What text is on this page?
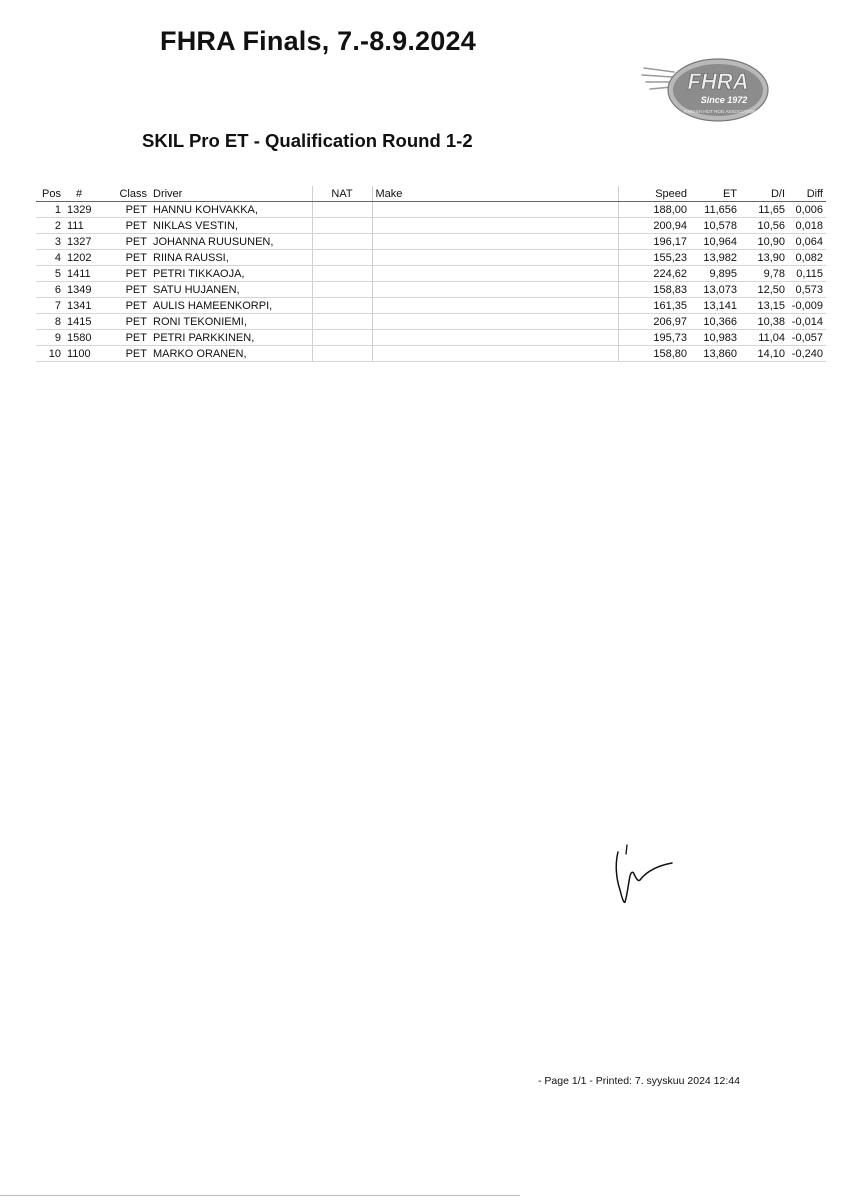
FHRA Finals, 7.-8.9.2024
FHRA
Since 1972
FINNISH HOT ROD ASSOCIATION
SKIL Pro ET - Qualification Round 1-2
Pos	#	Class	Driver	NAT	Make	Speed	ET	D/I	Diff
1	1329	PET	HANNU KOHVAKKA,			188,00	11,656	11,65	0,006
2	111	PET	NIKLAS VESTIN,			200,94	10,578	10,56	0,018
3	1327	PET	JOHANNA RUUSUNEN,			196,17	10,964	10,90	0,064
4	1202	PET	RIINA RAUSSI,			155,23	13,982	13,90	0,082
5	1411	PET	PETRI TIKKAOJA,			224,62	9,895	9,78	0,115
6	1349	PET	SATU HUJANEN,			158,83	13,073	12,50	0,573
7	1341	PET	AULIS HAMEENKORPI,			161,35	13,141	13,15	-0,009
8	1415	PET	RONI TEKONIEMI,			206,97	10,366	10,38	-0,014
9	1580	PET	PETRI PARKKINEN,			195,73	10,983	11,04	-0,057
10	1100	PET	MARKO ORANEN,			158,80	13,860	14,10	-0,240
- Page 1/1 - Printed: 7. syyskuu 2024 12:44
